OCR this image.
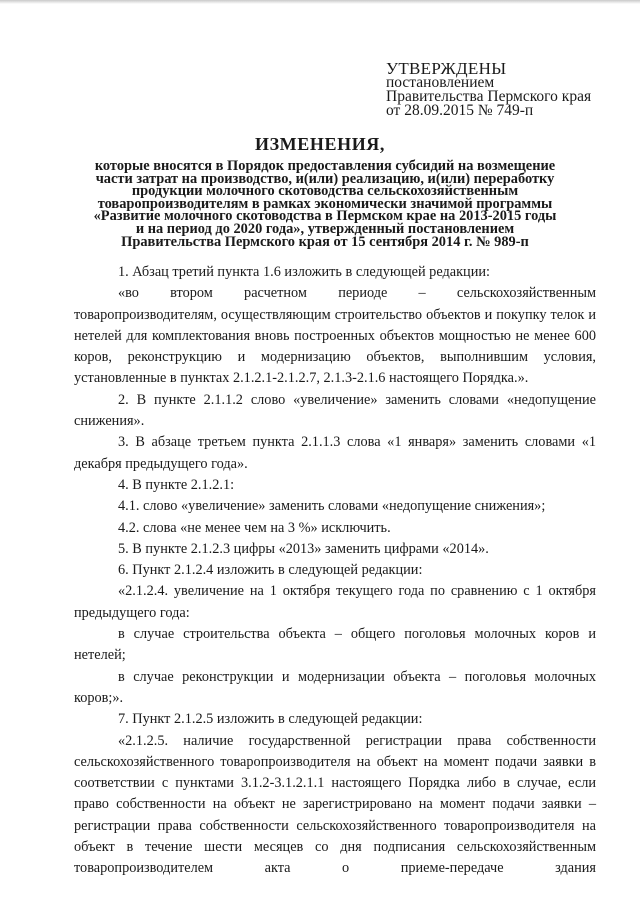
УТВЕРЖДЕНЫ
постановлением
Правительства Пермского края
от 28.09.2015 № 749-п
ИЗМЕНЕНИЯ,
которые вносятся в Порядок предоставления субсидий на возмещение
части затрат на производство, и(или) реализацию, и(или) переработку
продукции молочного скотоводства сельскохозяйственным
товаропроизводителям в рамках экономически значимой программы
«Развитие молочного скотоводства в Пермском крае на 2013-2015 годы
и на период до 2020 года», утвержденный постановлением
Правительства Пермского края от 15 сентября 2014 г. № 989-п
1. Абзац третий пункта 1.6 изложить в следующей редакции:
«во втором расчетном периоде – сельскохозяйственным товаропроизводителям, осуществляющим строительство объектов и покупку телок и нетелей для комплектования вновь построенных объектов мощностью не менее 600 коров, реконструкцию и модернизацию объектов, выполнившим условия, установленные в пунктах 2.1.2.1-2.1.2.7, 2.1.3-2.1.6 настоящего Порядка.».
2. В пункте 2.1.1.2 слово «увеличение» заменить словами «недопущение снижения».
3. В абзаце третьем пункта 2.1.1.3 слова «1 января» заменить словами «1 декабря предыдущего года».
4. В пункте 2.1.2.1:
4.1. слово «увеличение» заменить словами «недопущение снижения»;
4.2. слова «не менее чем на 3 %» исключить.
5. В пункте 2.1.2.3 цифры «2013» заменить цифрами «2014».
6. Пункт 2.1.2.4 изложить в следующей редакции:
«2.1.2.4. увеличение на 1 октября текущего года по сравнению с 1 октября предыдущего года:
в случае строительства объекта – общего поголовья молочных коров и нетелей;
в случае реконструкции и модернизации объекта – поголовья молочных коров;».
7. Пункт 2.1.2.5 изложить в следующей редакции:
«2.1.2.5. наличие государственной регистрации права собственности сельскохозяйственного товаропроизводителя на объект на момент подачи заявки в соответствии с пунктами 3.1.2-3.1.2.1.1 настоящего Порядка либо в случае, если право собственности на объект не зарегистрировано на момент подачи заявки – регистрации права собственности сельскохозяйственного товаропроизводителя на объект в течение шести месяцев со дня подписания сельскохозяйственным товаропроизводителем акта о приеме-передаче здания
